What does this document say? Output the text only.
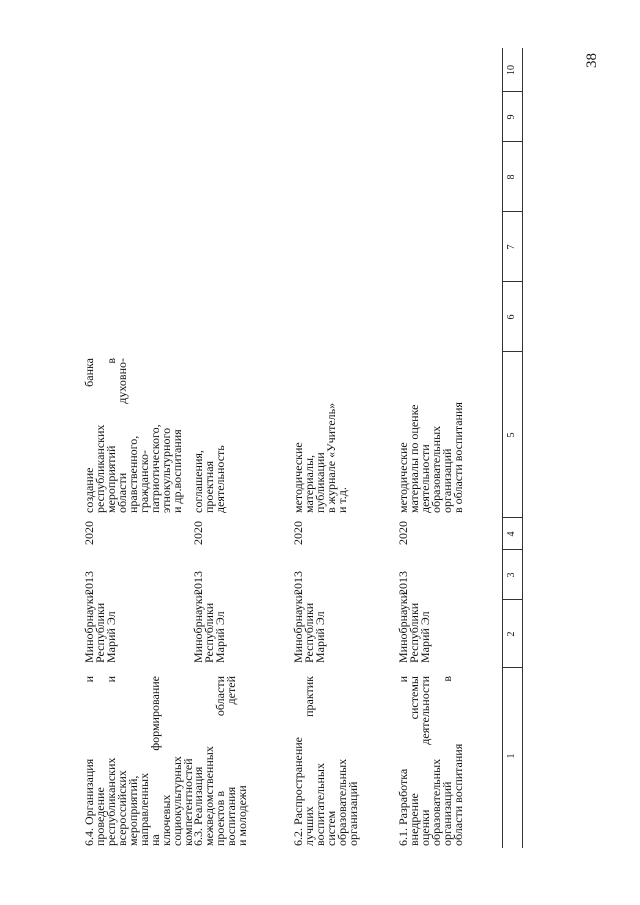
38
1
2
3
4
5
6
7
8
9
10
6.1. Разработка
и
внедрение
системы
оценки
деятельности
образовательных
организаций
в
области воспитания
Минобрнауки
Республики
Марий Эл
2013
2020
методические
материалы по оценке
деятельности
образовательных
организаций
в области воспитания
6.2. Распространение
лучших
практик
воспитательных
систем
образовательных
организаций
Минобрнауки
Республики
Марий Эл
2013
2020
методические
материалы,
публикации
в журнале «Учитель»
и т.д.
6.3. Реализация
межведомственных
проектов в
области
воспитания
детей
и молодежи
Минобрнауки
Республики
Марий Эл
2013
2020
соглашения,
проектная
деятельность
6.4. Организация
и
проведение
республиканских
и
всероссийских
мероприятий,
направленных
на
формирование
ключевых
социокультурных
компетентностей
Минобрнауки
Республики
Марий Эл
2013
2020
создание
банка
республиканских
мероприятий
в
области
духовно-
нравственного,
гражданско-
патриотического,
этнокультурного
и др.воспитания
